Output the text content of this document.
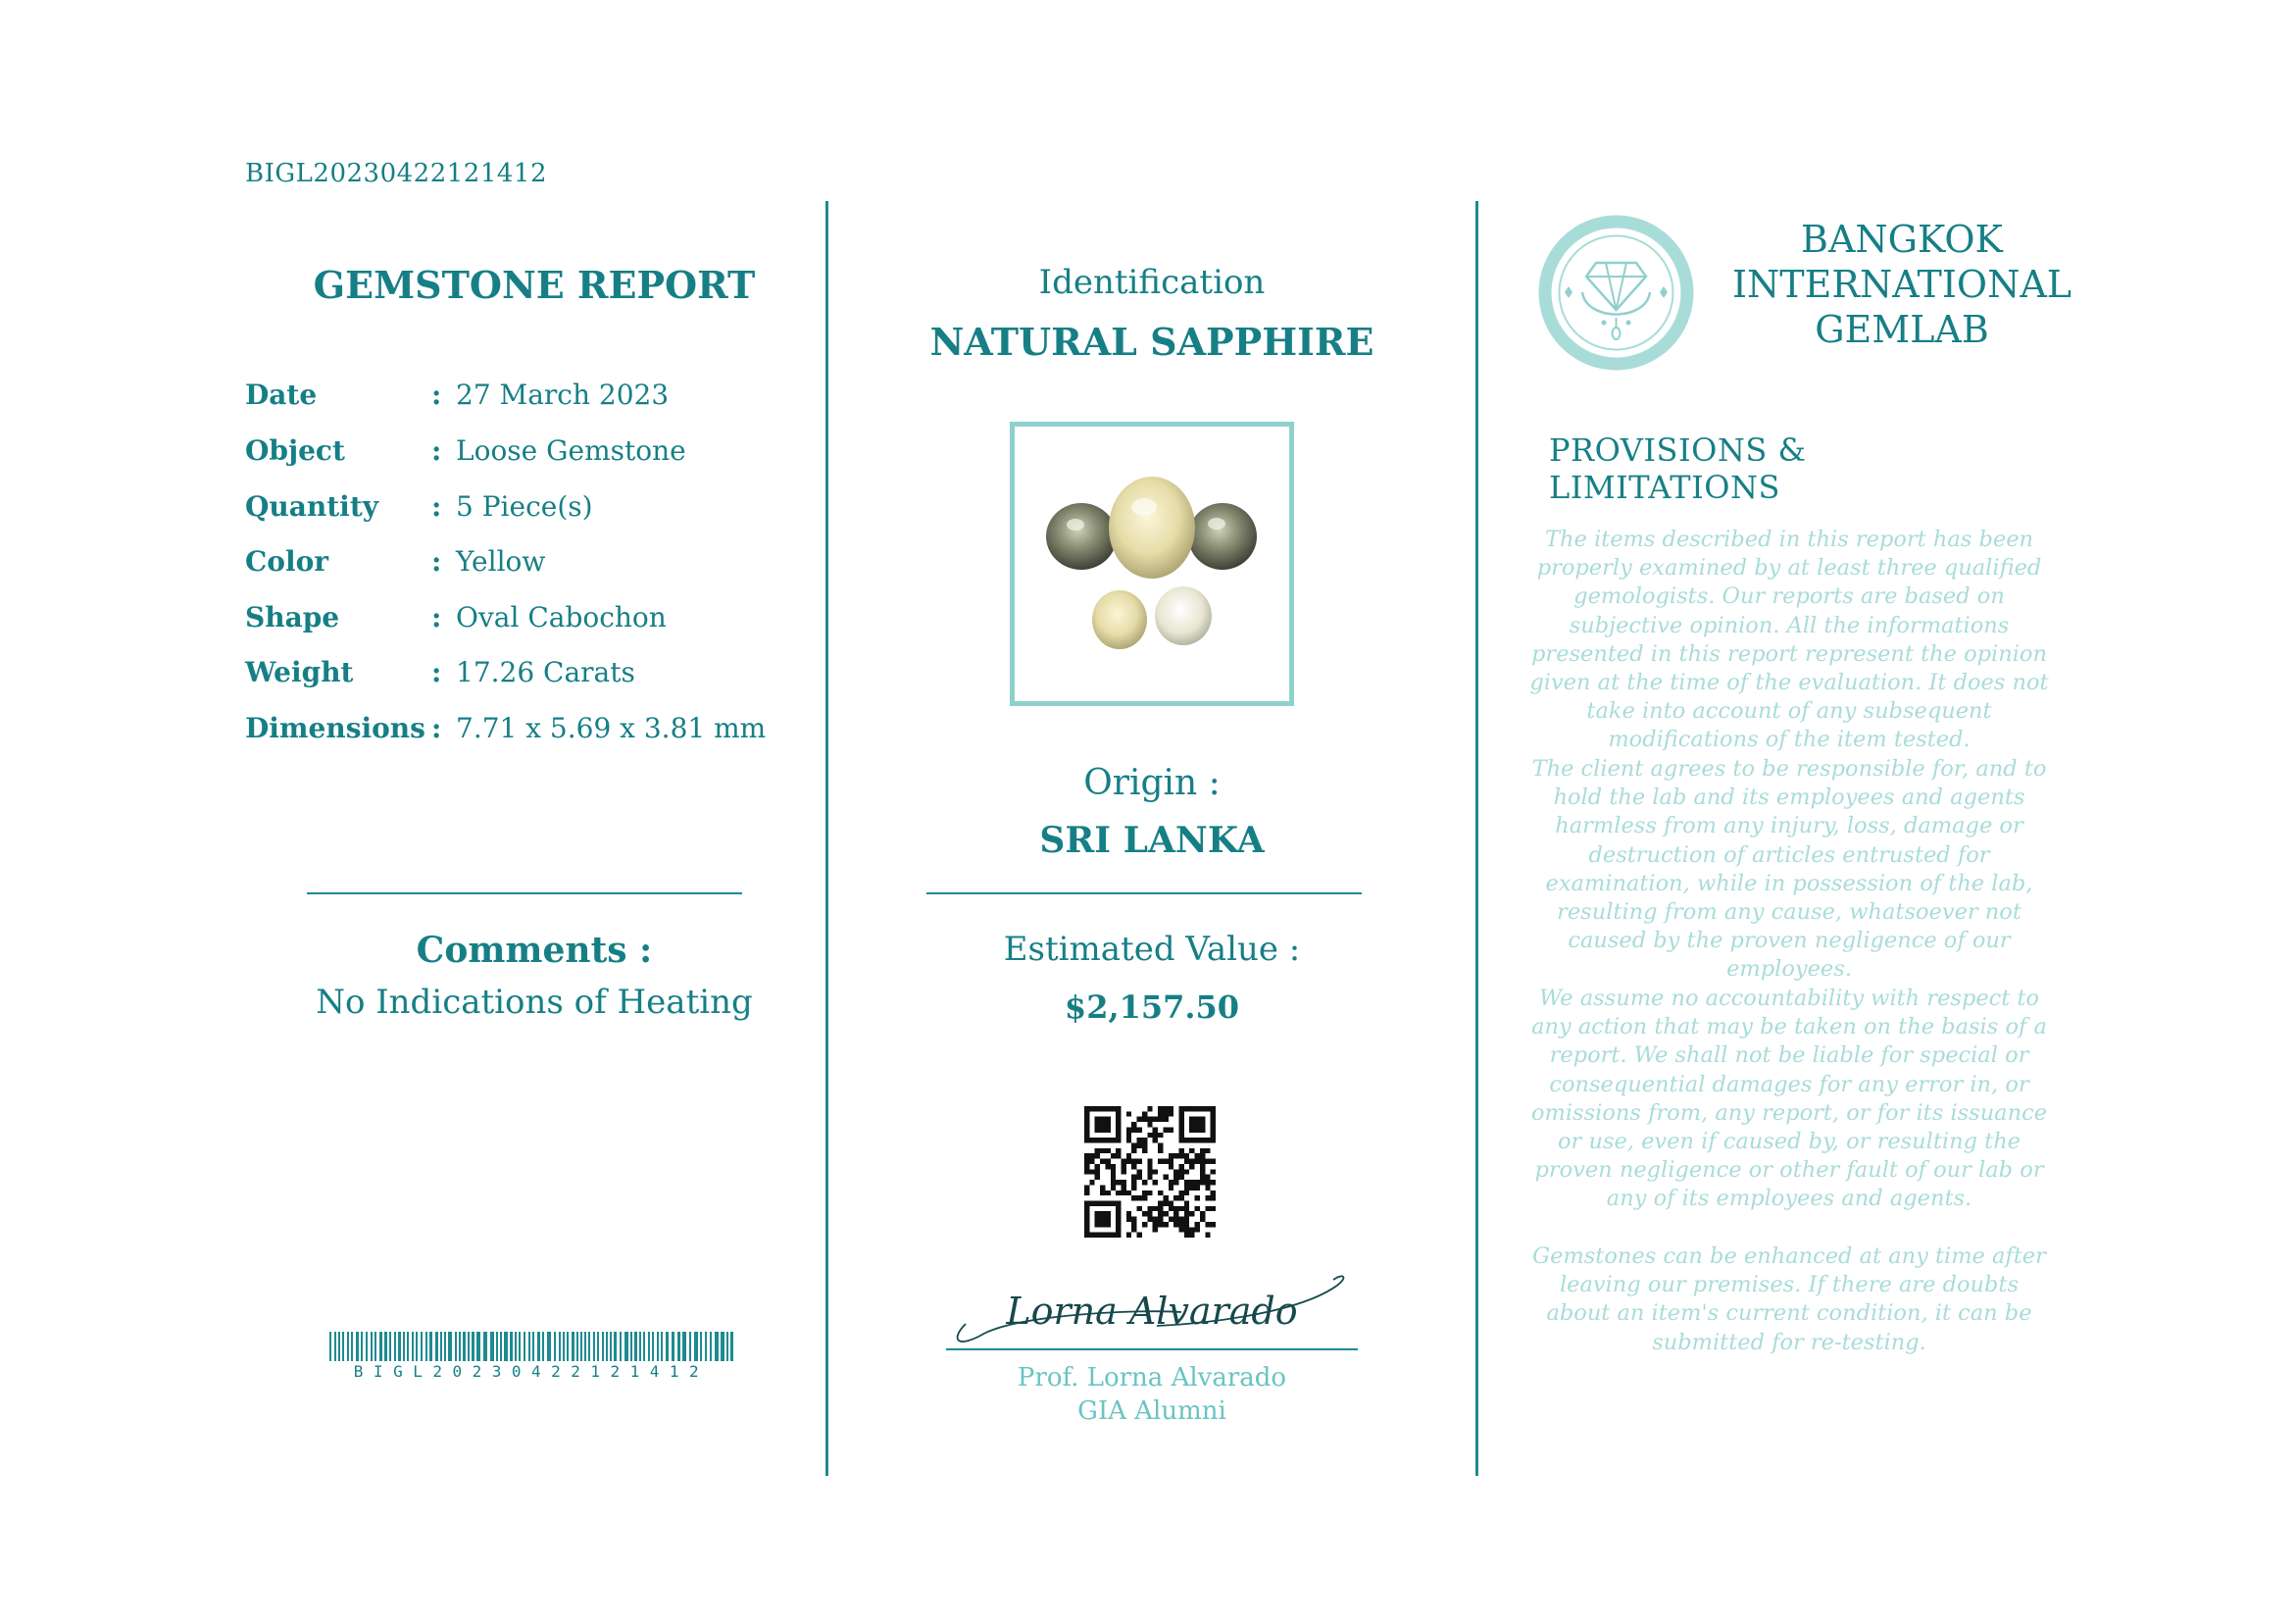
BIGL20230422121412
GEMSTONE REPORT
Date	: 27 March 2023
Object	: Loose Gemstone
Quantity : 5 Piece(s)
Color	: Yellow
Shape	: Oval Cabochon
Weight	: 17.26 Carats
Dimensions : 7.71 x 5.69 x 3.81 mm
Comments :
No Indications of Heating
BIGL20230422121412
Identification
NATURAL SAPPHIRE
Origin :
SRI LANKA
Estimated Value :
$2,157.50
Lorna Alvarado
Prof. Lorna Alvarado
GIA Alumni
BANGKOK
INTERNATIONAL
GEMLAB
PROVISIONS & LIMITATIONS
The items described in this report has been properly examined by at least three qualified gemologists. Our reports are based on subjective opinion. All the informations presented in this report represent the opinion given at the time of the evaluation. It does not take into account of any subsequent modifications of the item tested.
The client agrees to be responsible for, and to hold the lab and its employees and agents harmless from any injury, loss, damage or destruction of articles entrusted for examination, while in possession of the lab, resulting from any cause, whatsoever not caused by the proven negligence of our employees.
We assume no accountability with respect to any action that may be taken on the basis of a report. We shall not be liable for special or consequential damages for any error in, or omissions from, any report, or for its issuance or use, even if caused by, or resulting the proven negligence or other fault of our lab or any of its employees and agents.
Gemstones can be enhanced at any time after leaving our premises. If there are doubts about an item's current condition, it can be submitted for re-testing.
